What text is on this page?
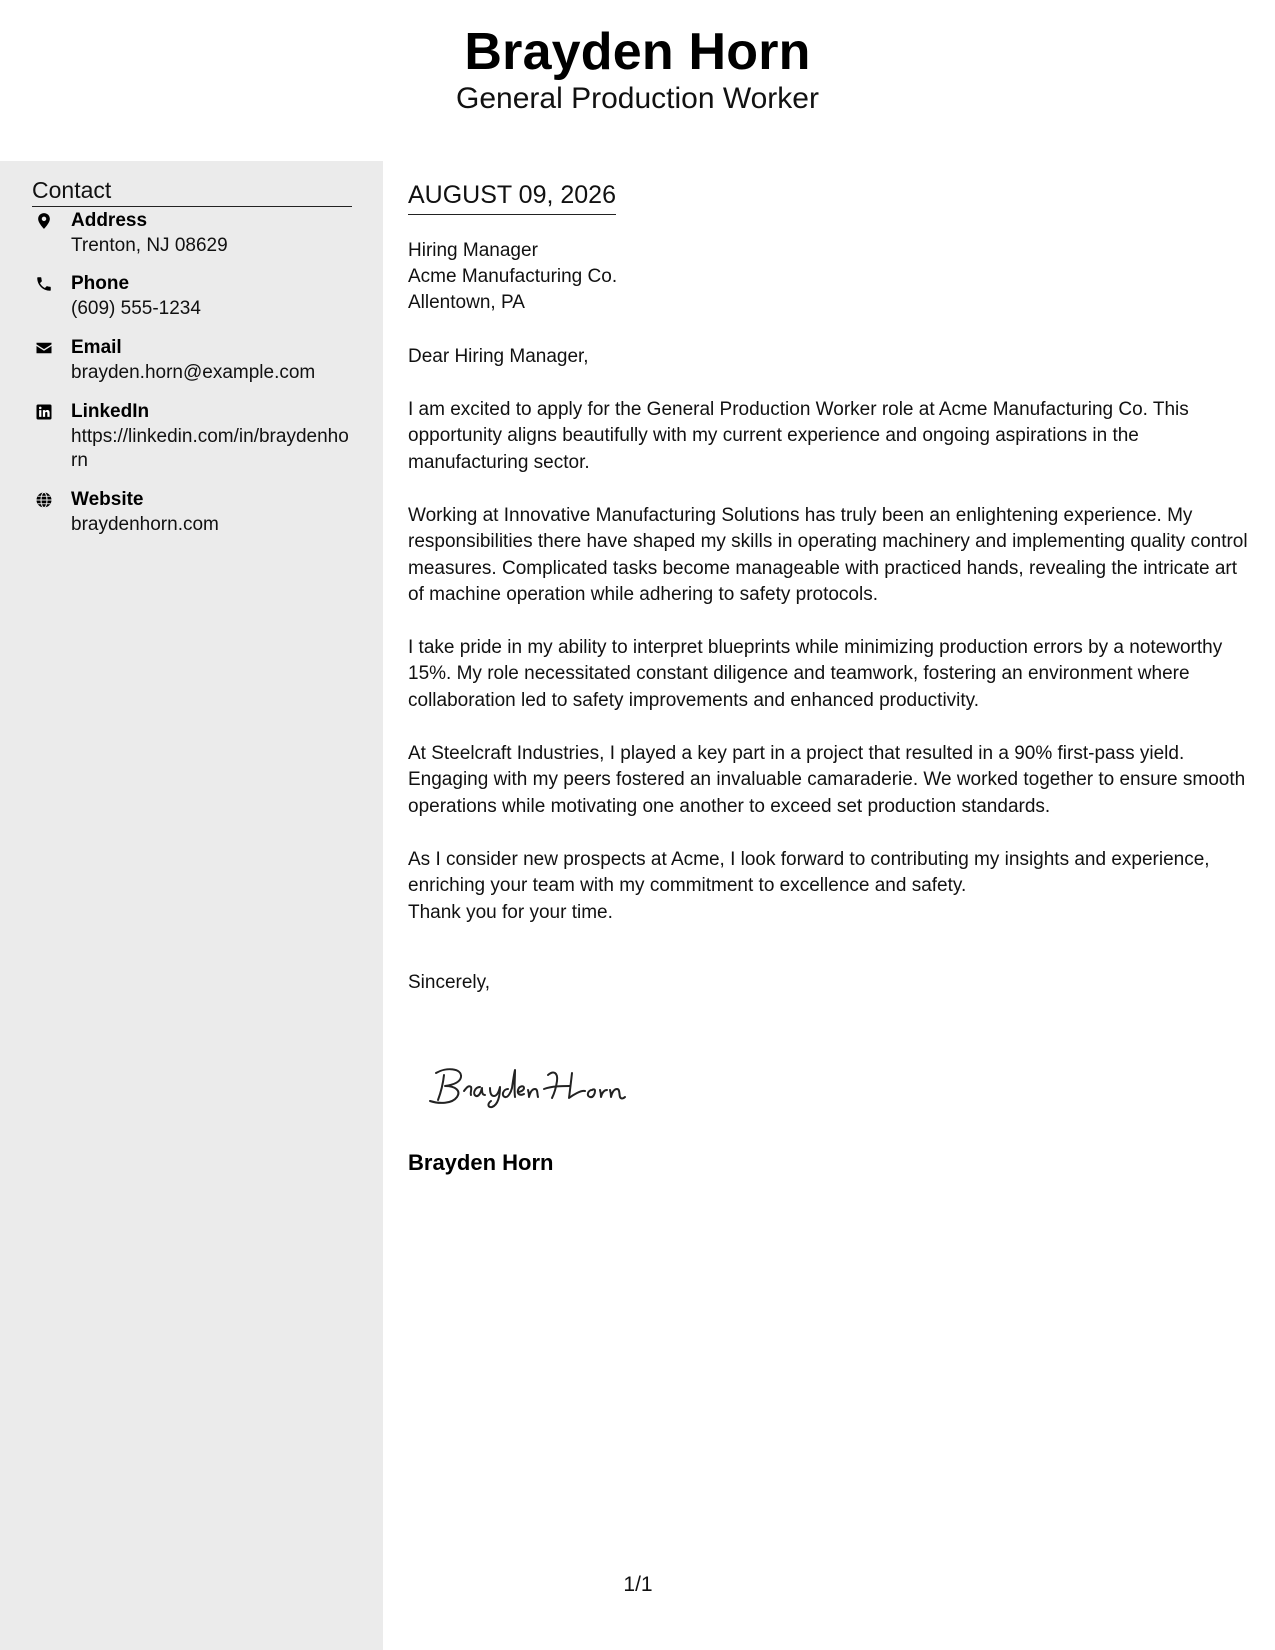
Brayden Horn
General Production Worker
Contact
Address
Trenton, NJ 08629
Phone
(609) 555-1234
Email
brayden.horn@example.com
LinkedIn
https://linkedin.com/in/braydenhorn
Website
braydenhorn.com
AUGUST 09, 2026
Hiring Manager
Acme Manufacturing Co.
Allentown, PA
Dear Hiring Manager,
I am excited to apply for the General Production Worker role at Acme Manufacturing Co. This opportunity aligns beautifully with my current experience and ongoing aspirations in the manufacturing sector.
Working at Innovative Manufacturing Solutions has truly been an enlightening experience. My responsibilities there have shaped my skills in operating machinery and implementing quality control measures. Complicated tasks become manageable with practiced hands, revealing the intricate art of machine operation while adhering to safety protocols.
I take pride in my ability to interpret blueprints while minimizing production errors by a noteworthy 15%. My role necessitated constant diligence and teamwork, fostering an environment where collaboration led to safety improvements and enhanced productivity.
At Steelcraft Industries, I played a key part in a project that resulted in a 90% first-pass yield. Engaging with my peers fostered an invaluable camaraderie. We worked together to ensure smooth operations while motivating one another to exceed set production standards.
As I consider new prospects at Acme, I look forward to contributing my insights and experience, enriching your team with my commitment to excellence and safety.
Thank you for your time.
Sincerely,
Brayden Horn
1/1
